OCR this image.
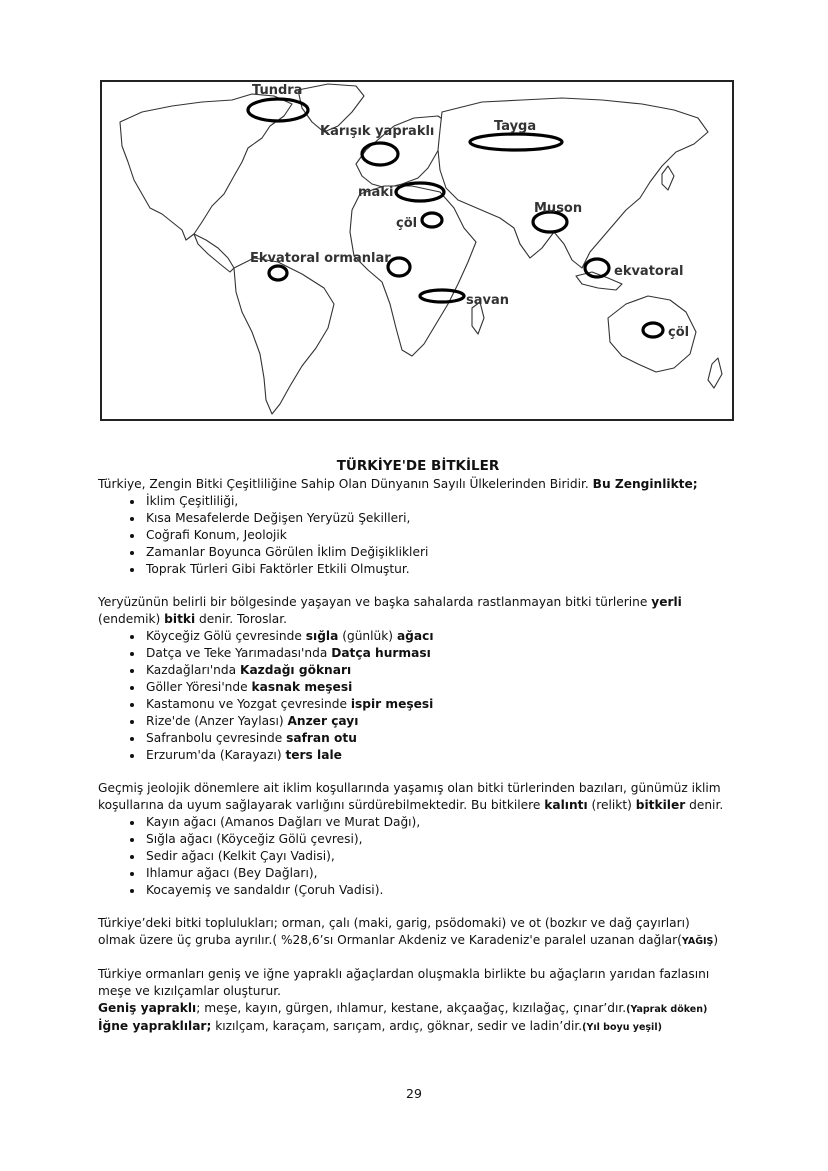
Tundra
Karışık yapraklı	Tayga
maki
çöl
Muson
Ekvatoral ormanlar
ekvatoral
savan
çöl
TÜRKİYE'DE BİTKİLER

Türkiye, Zengin Bitki Çeşitliliğine Sahip Olan Dünyanın Sayılı Ülkelerinden Biridir. Bu Zenginlikte;

• İklim Çeşitliliği,
• Kısa Mesafelerde Değişen Yeryüzü Şekilleri,
• Coğrafi Konum, Jeolojik
• Zamanlar Boyunca Görülen İklim Değişiklikleri
• Toprak Türleri Gibi Faktörler Etkili Olmuştur.

Yeryüzünün belirli bir bölgesinde yaşayan ve başka sahalarda rastlanmayan bitki türlerine yerli
(endemik) bitki denir. Toroslar.

• Köyceğiz Gölü çevresinde sığla (günlük) ağacı
• Datça ve Teke Yarımadası'nda Datça hurması
• Kazdağları'nda Kazdağı göknarı
• Göller Yöresi'nde kasnak meşesi
• Kastamonu ve Yozgat çevresinde ispir meşesi
• Rize'de (Anzer Yaylası) Anzer çayı
• Safranbolu çevresinde safran otu
• Erzurum'da (Karayazı) ters lale

Geçmiş jeolojik dönemlere ait iklim koşullarında yaşamış olan bitki türlerinden bazıları, günümüz iklim
koşullarına da uyum sağlayarak varlığını sürdürebilmektedir. Bu bitkilere kalıntı (relikt) bitkiler denir.

• Kayın ağacı (Amanos Dağları ve Murat Dağı),
• Sığla ağacı (Köyceğiz Gölü çevresi),
• Sedir ağacı (Kelkit Çayı Vadisi),
• Ihlamur ağacı (Bey Dağları),
• Kocayemiş ve sandaldır (Çoruh Vadisi).

Türkiye’deki bitki toplulukları; orman, çalı (maki, garig, psödomaki) ve ot (bozkır ve dağ çayırları)
olmak üzere üç gruba ayrılır.( %28,6’sı Ormanlar Akdeniz ve Karadeniz'e paralel uzanan dağlar(YAĞIŞ)

Türkiye ormanları geniş ve iğne yapraklı ağaçlardan oluşmakla birlikte bu ağaçların yarıdan fazlasını
meşe ve kızılçamlar oluşturur.
Geniş yapraklı; meşe, kayın, gürgen, ıhlamur, kestane, akçaağaç, kızılağaç, çınar’dır.(Yaprak döken)
İğne yapraklılar; kızılçam, karaçam, sarıçam, ardıç, göknar, sedir ve ladin’dir.(Yıl boyu yeşil)

29
